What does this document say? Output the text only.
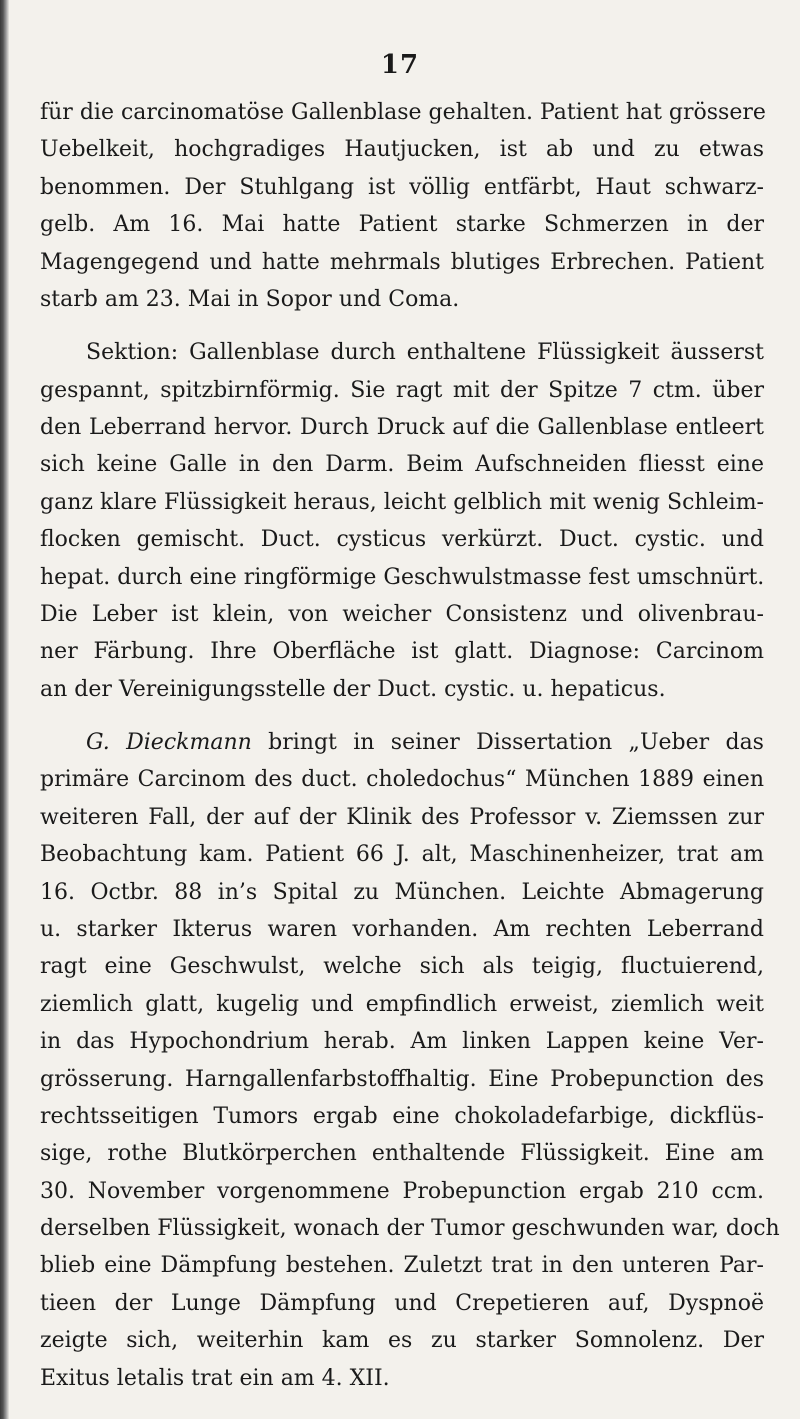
17
für die carcinomatöse Gallenblase gehalten. Patient hat grössere
Uebelkeit, hochgradiges Hautjucken, ist ab und zu etwas
benommen. Der Stuhlgang ist völlig entfärbt, Haut schwarz-
gelb. Am 16. Mai hatte Patient starke Schmerzen in der
Magengegend und hatte mehrmals blutiges Erbrechen. Patient
starb am 23. Mai in Sopor und Coma.
Sektion: Gallenblase durch enthaltene Flüssigkeit äusserst
gespannt, spitzbirnförmig. Sie ragt mit der Spitze 7 ctm. über
den Leberrand hervor. Durch Druck auf die Gallenblase entleert
sich keine Galle in den Darm. Beim Aufschneiden fliesst eine
ganz klare Flüssigkeit heraus, leicht gelblich mit wenig Schleim-
flocken gemischt. Duct. cysticus verkürzt. Duct. cystic. und
hepat. durch eine ringförmige Geschwulstmasse fest umschnürt.
Die Leber ist klein, von weicher Consistenz und olivenbrau-
ner Färbung. Ihre Oberfläche ist glatt. Diagnose: Carcinom
an der Vereinigungsstelle der Duct. cystic. u. hepaticus.
G. Dieckmann bringt in seiner Dissertation „Ueber das
primäre Carcinom des duct. choledochus“ München 1889 einen
weiteren Fall, der auf der Klinik des Professor v. Ziemssen zur
Beobachtung kam. Patient 66 J. alt, Maschinenheizer, trat am
16. Octbr. 88 in’s Spital zu München. Leichte Abmagerung
u. starker Ikterus waren vorhanden. Am rechten Leberrand
ragt eine Geschwulst, welche sich als teigig, fluctuierend,
ziemlich glatt, kugelig und empfindlich erweist, ziemlich weit
in das Hypochondrium herab. Am linken Lappen keine Ver-
grösserung. Harngallenfarbstoffhaltig. Eine Probepunction des
rechtsseitigen Tumors ergab eine chokoladefarbige, dickflüs-
sige, rothe Blutkörperchen enthaltende Flüssigkeit. Eine am
30. November vorgenommene Probepunction ergab 210 ccm.
derselben Flüssigkeit, wonach der Tumor geschwunden war, doch
blieb eine Dämpfung bestehen. Zuletzt trat in den unteren Par-
tieen der Lunge Dämpfung und Crepetieren auf, Dyspnoë
zeigte sich, weiterhin kam es zu starker Somnolenz. Der
Exitus letalis trat ein am 4. XII.
